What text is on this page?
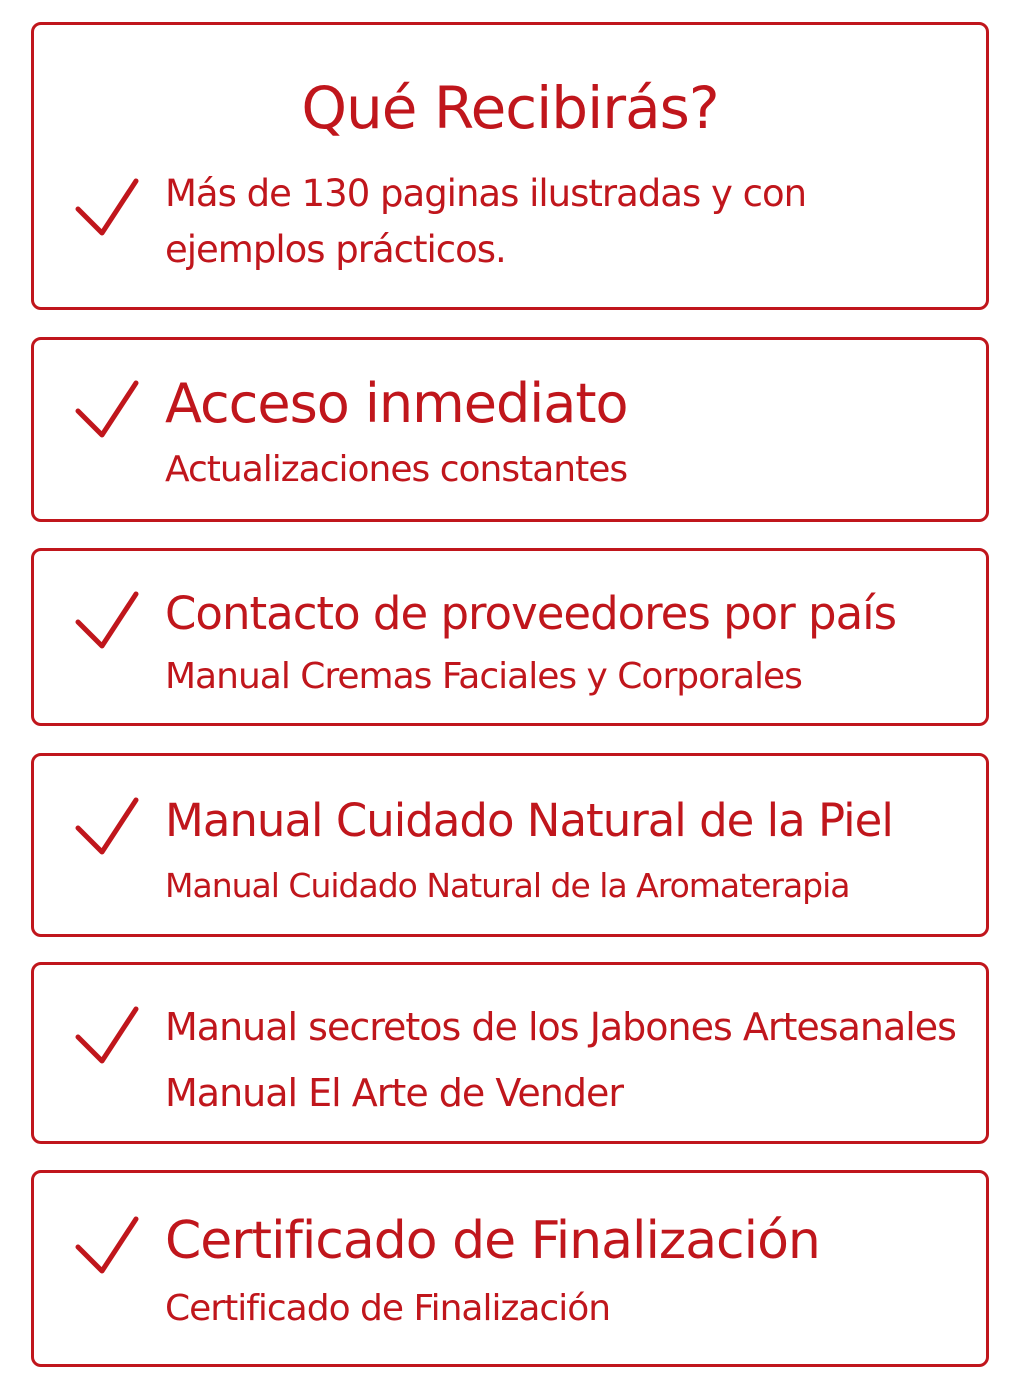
Qué Recibirás?
Más de 130 paginas ilustradas y con
ejemplos prácticos.
Acceso inmediato
Actualizaciones constantes
Contacto de proveedores por país
Manual Cremas Faciales y Corporales
Manual Cuidado Natural de la Piel
Manual Cuidado Natural de la Aromaterapia
Manual secretos de los Jabones Artesanales
Manual El Arte de Vender
Certificado de Finalización
Certificado de Finalización
